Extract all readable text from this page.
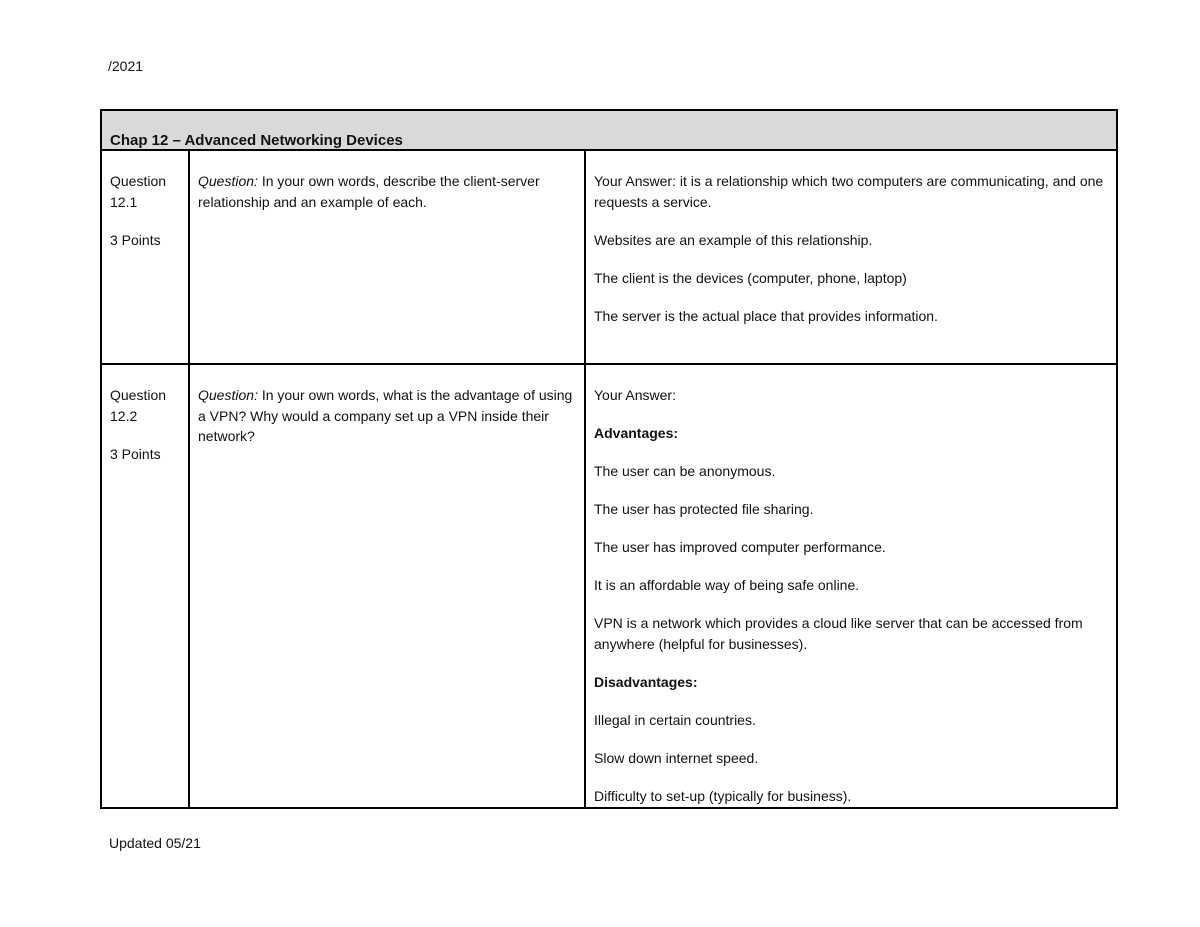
/2021
Chap 12 – Advanced Networking Devices

Question 12.1

3 Points

Question: In your own words, describe the client-server relationship and an example of each.

Your Answer: it is a relationship which two computers are communicating, and one requests a service.

Websites are an example of this relationship.

The client is the devices (computer, phone, laptop)

The server is the actual place that provides information.

Question 12.2

3 Points

Question: In your own words, what is the advantage of using a VPN? Why would a company set up a VPN inside their network?

Your Answer:

Advantages:

The user can be anonymous.

The user has protected file sharing.

The user has improved computer performance.

It is an affordable way of being safe online.

VPN is a network which provides a cloud like server that can be accessed from anywhere (helpful for businesses).

Disadvantages:

Illegal in certain countries.

Slow down internet speed.

Difficulty to set-up (typically for business).

Updated 05/21
